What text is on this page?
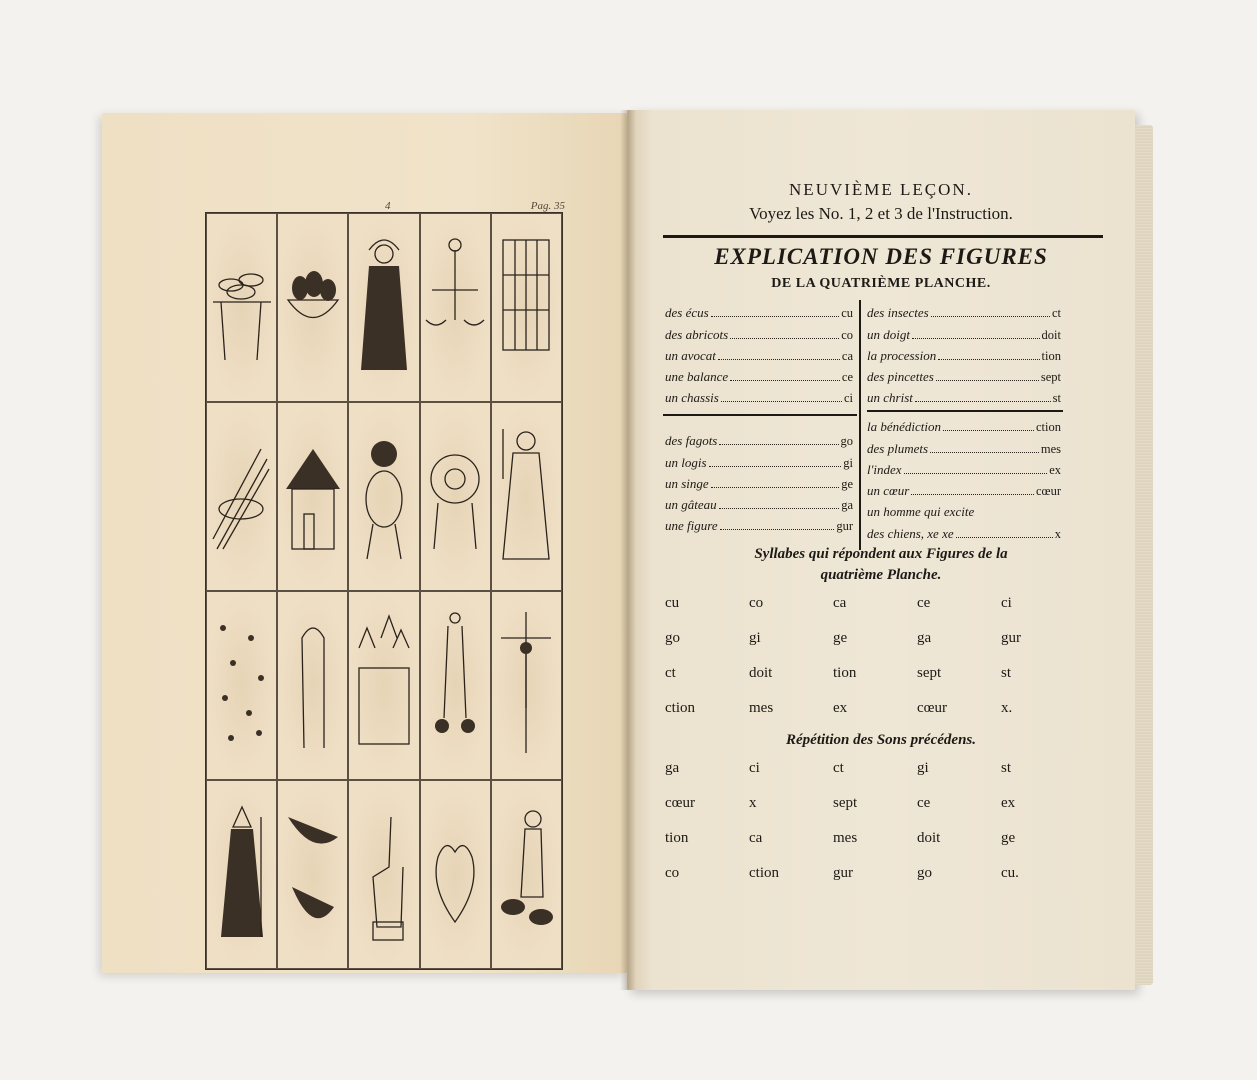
4	Pag. 35
NEUVIÈME LEÇON.
Voyez les No. 1, 2 et 3 de l'Instruction.
EXPLICATION DES FIGURES
DE LA QUATRIÈME PLANCHE.
des écus	cu
des abricots	co
un avocat	ca
une balance	ce
un chassis	ci
des insectes	ct
un doigt	doit
la procession	tion
des pincettes	sept
un christ	st
des fagots	go
un logis	gi
un singe	ge
un gâteau	ga
une figure	gur
la bénédiction	ction
des plumets	mes
l'index	ex
un cœur	cœur
un homme qui excite
des chiens, xe xe	x
Syllabes qui répondent aux Figures de la
quatrième Planche.
cu	co	ca	ce	ci
go	gi	ge	ga	gur
ct	doit	tion	sept	st
ction	mes	ex	cœur	x.
Répétition des Sons précédens.
ga	ci	ct	gi	st
cœur	x	sept	ce	ex
tion	ca	mes	doit	ge
co	ction	gur	go	cu.
